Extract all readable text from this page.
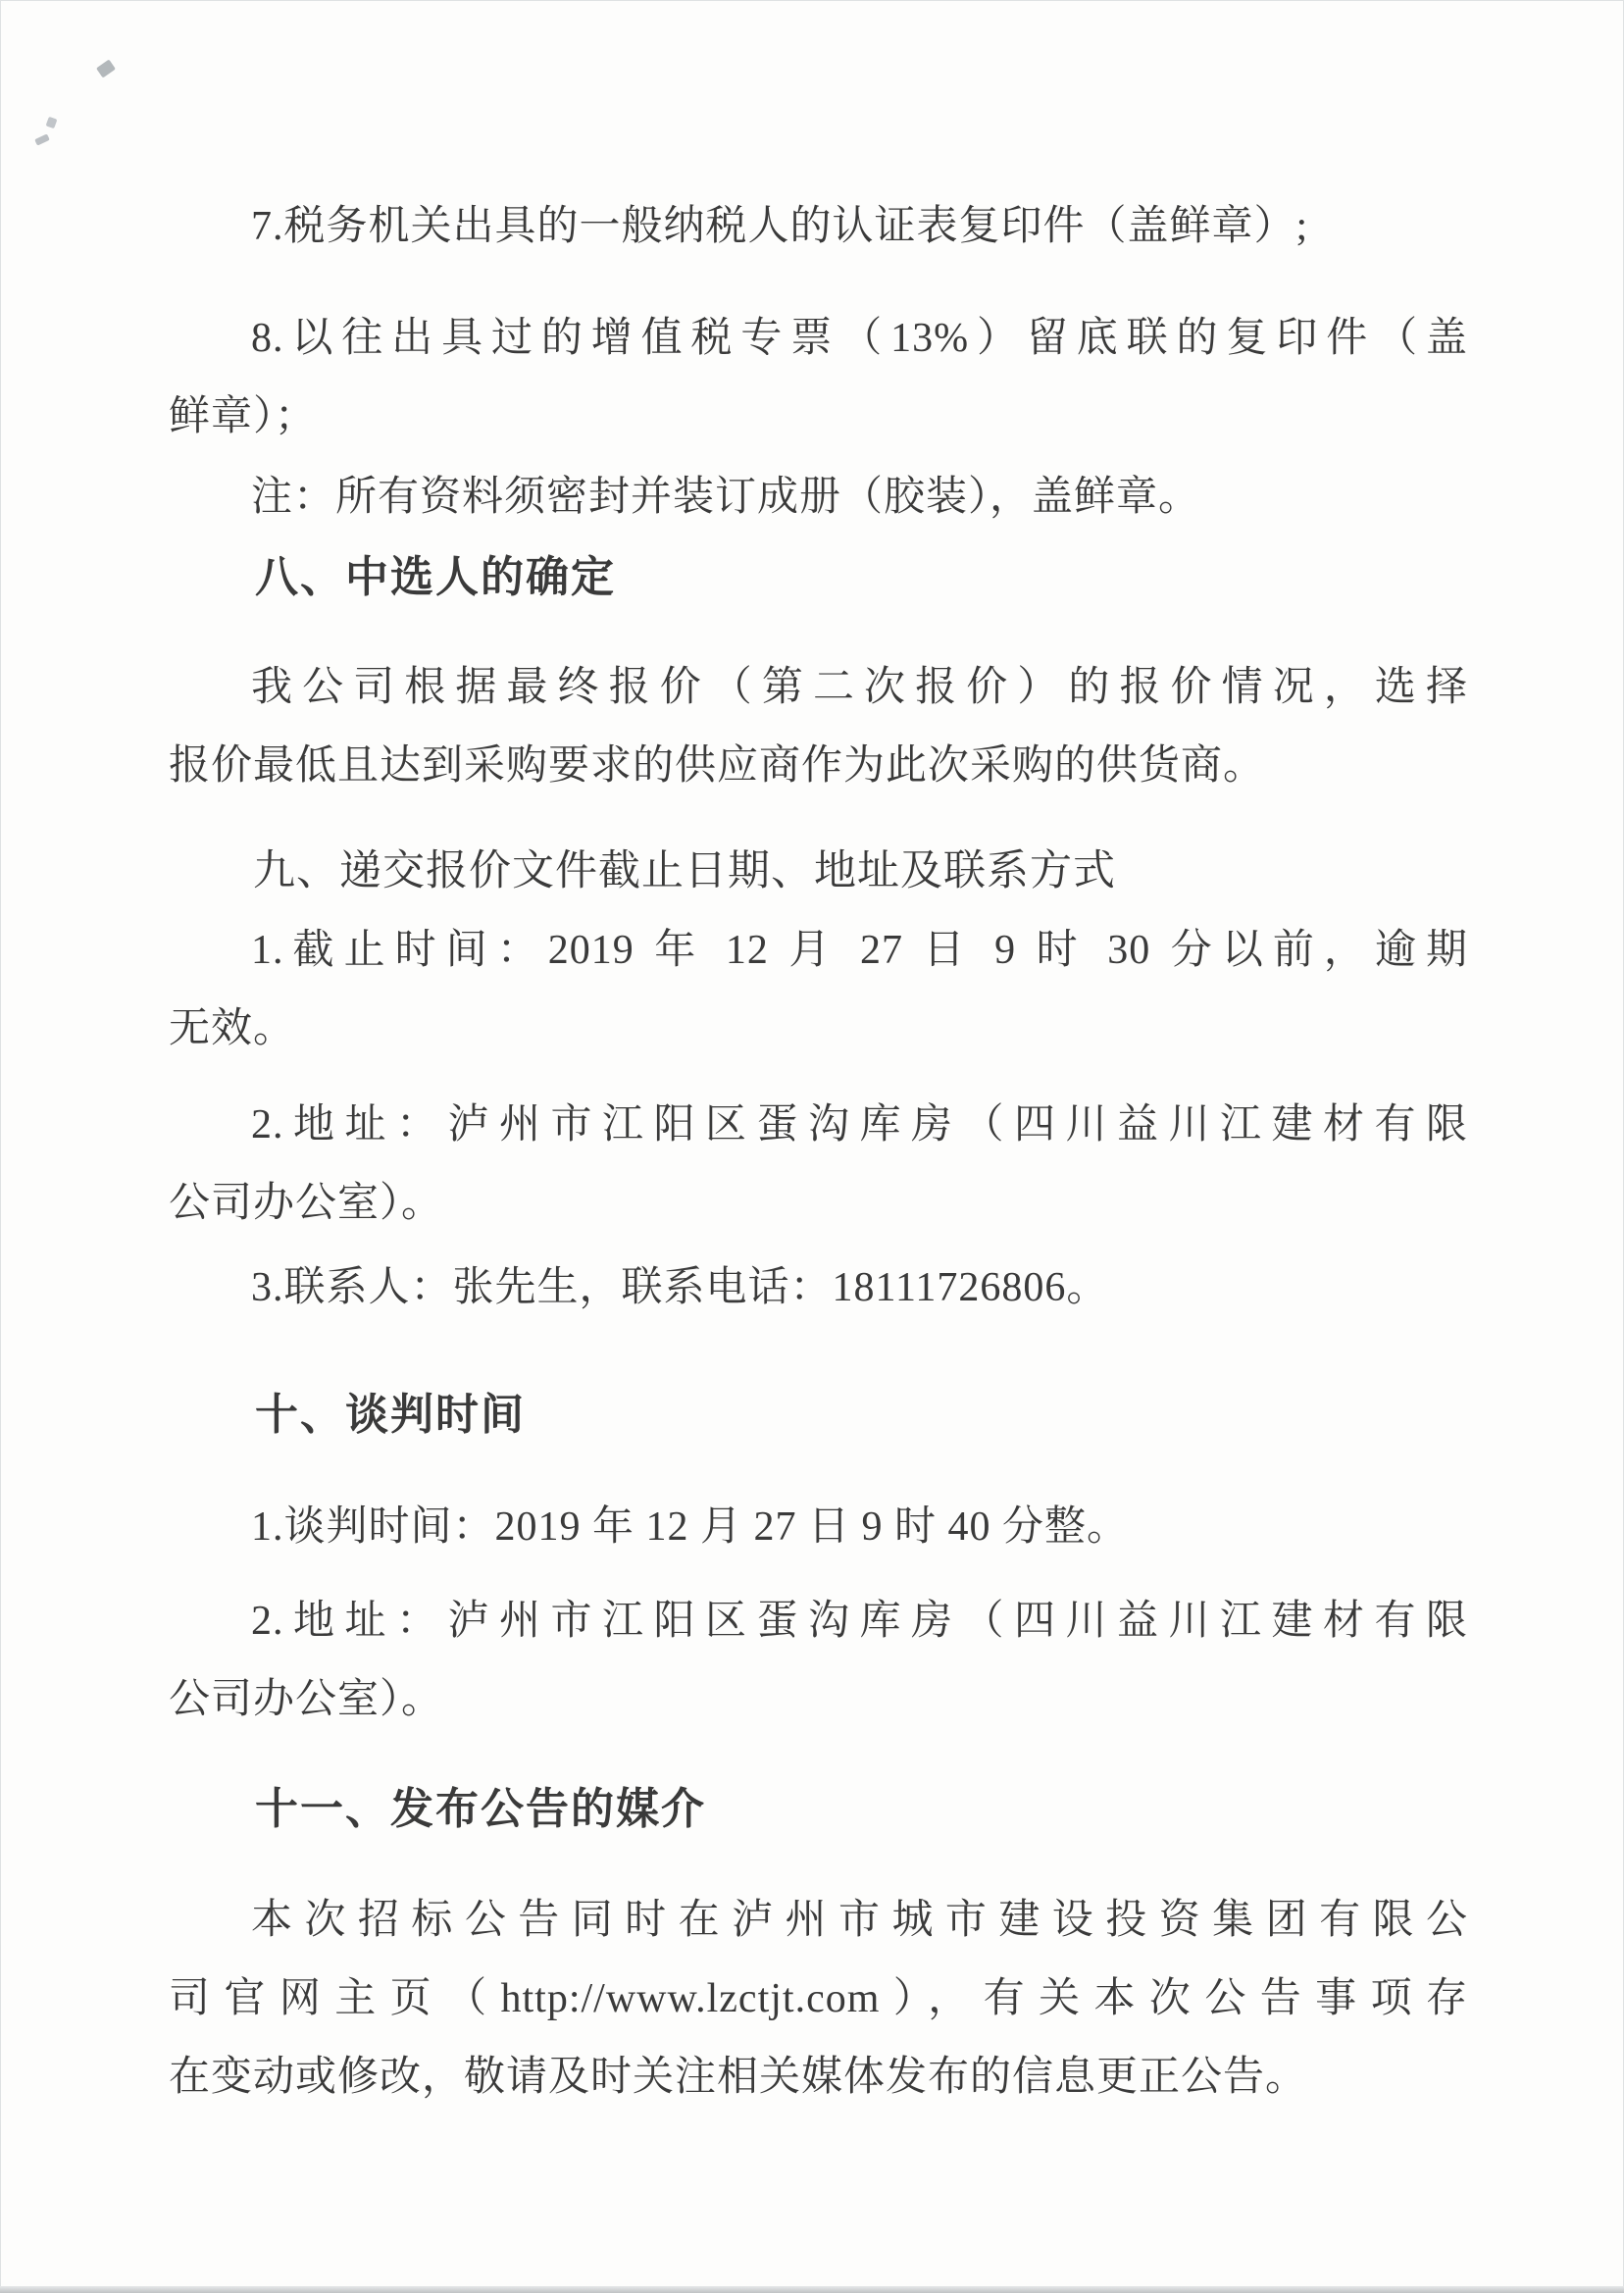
7.税务机关出具的一般纳税人的认证表复印件（盖鲜章）;
8.以往出具过的增值税专票（13%）留底联的复印件（盖
鲜章）；
注：所有资料须密封并装订成册（胶装），盖鲜章。
八、中选人的确定
我公司根据最终报价（第二次报价）的报价情况，选择
报价最低且达到采购要求的供应商作为此次采购的供货商。
九、递交报价文件截止日期、地址及联系方式
1.截止时间：2019 年 12 月 27 日 9 时 30 分以前，逾期
无效。
2.地址：泸州市江阳区蛋沟库房（四川益川江建材有限
公司办公室）。
3.联系人：张先生，联系电话：18111726806。
十、谈判时间
1.谈判时间：2019 年 12 月 27 日 9 时 40 分整。
2.地址：泸州市江阳区蛋沟库房（四川益川江建材有限
公司办公室）。
十一、发布公告的媒介
本次招标公告同时在泸州市城市建设投资集团有限公
司官网主页（http://www.lzctjt.com），有关本次公告事项存
在变动或修改，敬请及时关注相关媒体发布的信息更正公告。
